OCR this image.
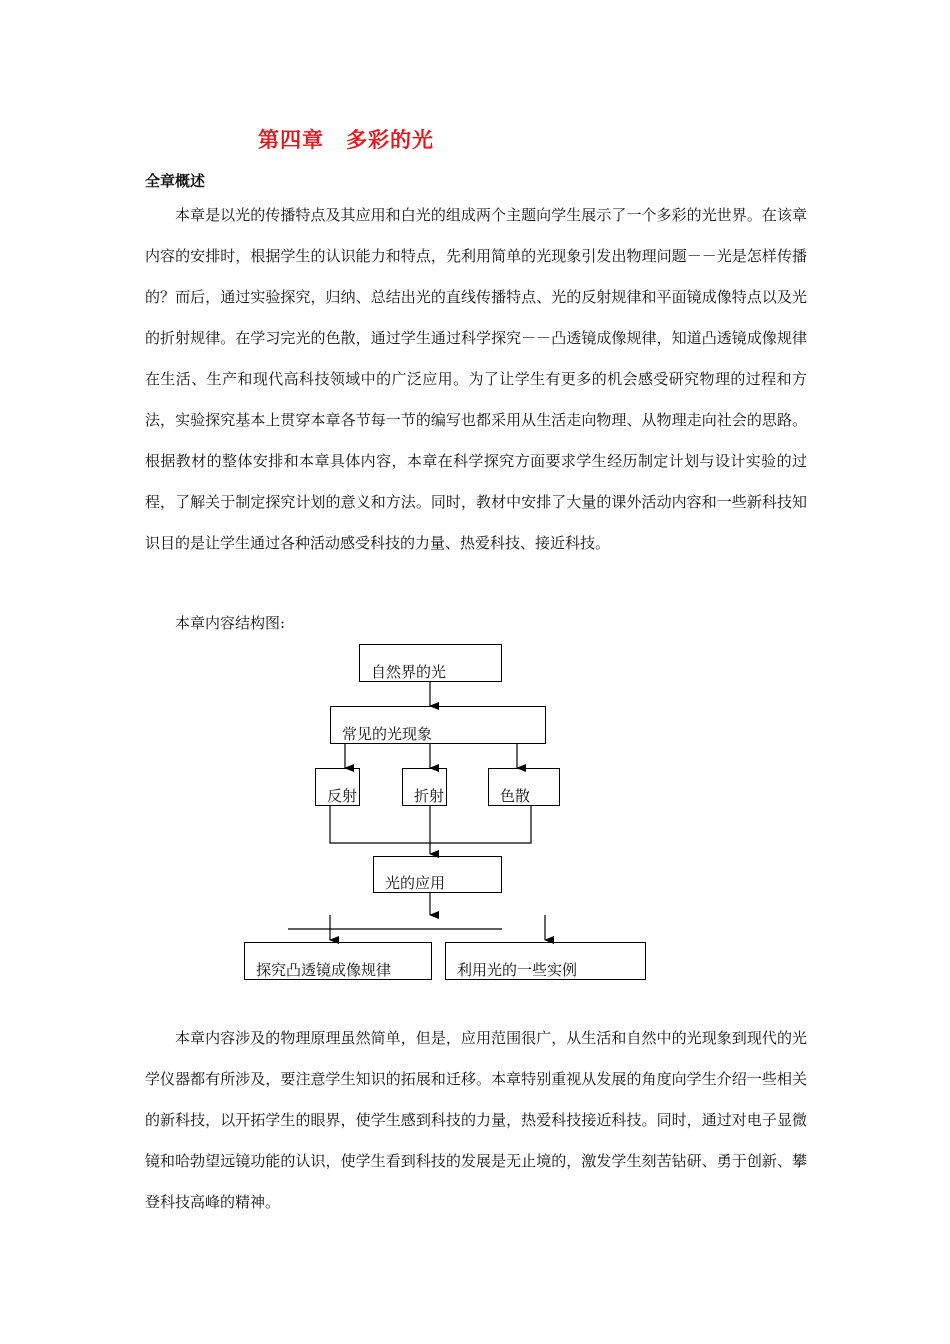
第四章　多彩的光
全章概述

本章是以光的传播特点及其应用和白光的组成两个主题向学生展示了一个多彩的光世界。在该章内容的安排时，根据学生的认识能力和特点，先利用简单的光现象引发出物理问题－－光是怎样传播的？而后，通过实验探究，归纳、总结出光的直线传播特点、光的反射规律和平面镜成像特点以及光的折射规律。在学习完光的色散，通过学生通过科学探究－－凸透镜成像规律，知道凸透镜成像规律在生活、生产和现代高科技领域中的广泛应用。为了让学生有更多的机会感受研究物理的过程和方法，实验探究基本上贯穿本章各节每一节的编写也都采用从生活走向物理、从物理走向社会的思路。根据教材的整体安排和本章具体内容，本章在科学探究方面要求学生经历制定计划与设计实验的过程，了解关于制定探究计划的意义和方法。同时，教材中安排了大量的课外活动内容和一些新科技知识目的是让学生通过各种活动感受科技的力量、热爱科技、接近科技。

本章内容结构图:
自然界的光
常见的光现象
反射	折射	色散
光的应用
探究凸透镜成像规律	利用光的一些实例

本章内容涉及的物理原理虽然简单，但是，应用范围很广，从生活和自然中的光现象到现代的光学仪器都有所涉及，要注意学生知识的拓展和迁移。本章特别重视从发展的角度向学生介绍一些相关的新科技，以开拓学生的眼界，使学生感到科技的力量，热爱科技接近科技。同时，通过对电子显微镜和哈勃望远镜功能的认识，使学生看到科技的发展是无止境的，激发学生刻苦钻研、勇于创新、攀登科技高峰的精神。
